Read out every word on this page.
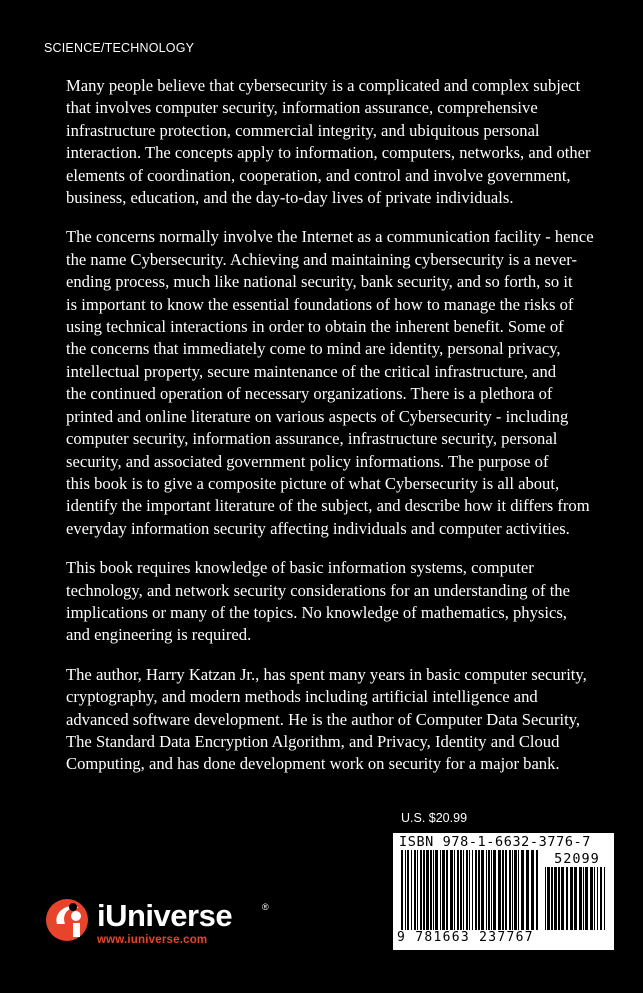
SCIENCE/TECHNOLOGY

Many people believe that cybersecurity is a complicated and complex subject
that involves computer security, information assurance, comprehensive
infrastructure protection, commercial integrity, and ubiquitous personal
interaction. The concepts apply to information, computers, networks, and other
elements of coordination, cooperation, and control and involve government,
business, education, and the day-to-day lives of private individuals.

The concerns normally involve the Internet as a communication facility - hence
the name Cybersecurity. Achieving and maintaining cybersecurity is a never-
ending process, much like national security, bank security, and so forth, so it
is important to know the essential foundations of how to manage the risks of
using technical interactions in order to obtain the inherent benefit. Some of
the concerns that immediately come to mind are identity, personal privacy,
intellectual property, secure maintenance of the critical infrastructure, and
the continued operation of necessary organizations. There is a plethora of
printed and online literature on various aspects of Cybersecurity - including
computer security, information assurance, infrastructure security, personal
security, and associated government policy informations. The purpose of
this book is to give a composite picture of what Cybersecurity is all about,
identify the important literature of the subject, and describe how it differs from
everyday information security affecting individuals and computer activities.

This book requires knowledge of basic information systems, computer
technology, and network security considerations for an understanding of the
implications or many of the topics. No knowledge of mathematics, physics,
and engineering is required.

The author, Harry Katzan Jr., has spent many years in basic computer security,
cryptography, and modern methods including artificial intelligence and
advanced software development. He is the author of Computer Data Security,
The Standard Data Encryption Algorithm, and Privacy, Identity and Cloud
Computing, and has done development work on security for a major bank.

U.S. $20.99
ISBN 978-1-6632-3776-7
52099
9 781663 237767
iUniverse	®
www.iuniverse.com
